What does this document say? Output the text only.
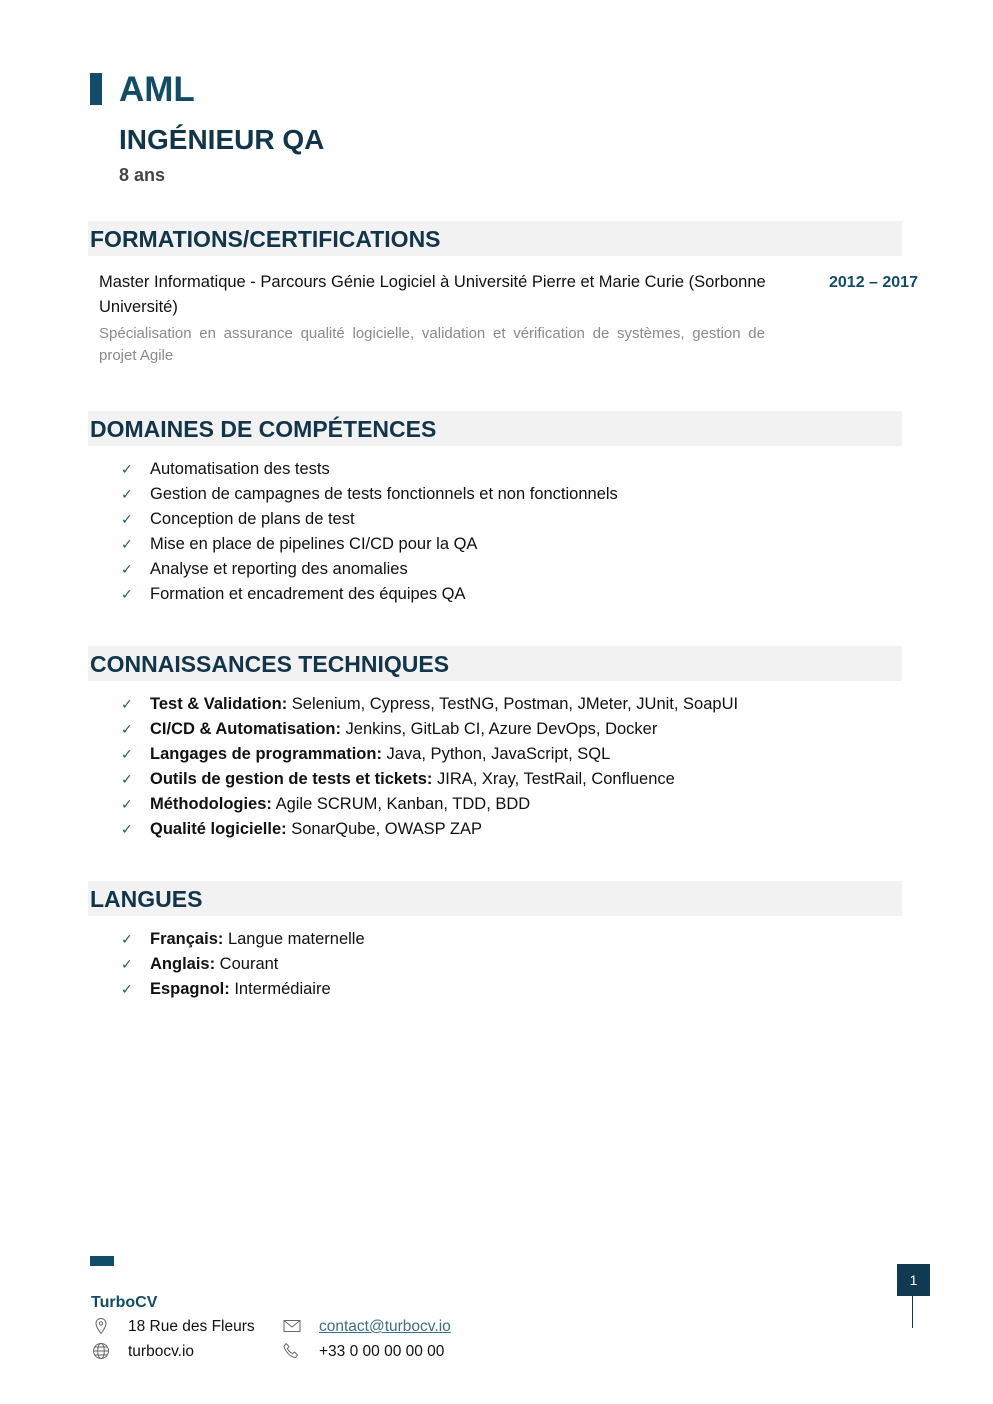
AML
INGÉNIEUR QA
8 ans
FORMATIONS/CERTIFICATIONS
Master Informatique - Parcours Génie Logiciel à Université Pierre et Marie Curie (Sorbonne Université)
2012 – 2017
Spécialisation en assurance qualité logicielle, validation et vérification de systèmes, gestion de projet Agile
DOMAINES DE COMPÉTENCES
✓ Automatisation des tests
✓ Gestion de campagnes de tests fonctionnels et non fonctionnels
✓ Conception de plans de test
✓ Mise en place de pipelines CI/CD pour la QA
✓ Analyse et reporting des anomalies
✓ Formation et encadrement des équipes QA
CONNAISSANCES TECHNIQUES
✓ Test & Validation: Selenium, Cypress, TestNG, Postman, JMeter, JUnit, SoapUI
✓ CI/CD & Automatisation: Jenkins, GitLab CI, Azure DevOps, Docker
✓ Langages de programmation: Java, Python, JavaScript, SQL
✓ Outils de gestion de tests et tickets: JIRA, Xray, TestRail, Confluence
✓ Méthodologies: Agile SCRUM, Kanban, TDD, BDD
✓ Qualité logicielle: SonarQube, OWASP ZAP
LANGUES
✓ Français: Langue maternelle
✓ Anglais: Courant
✓ Espagnol: Intermédiaire
TurboCV
18 Rue des Fleurs
turbocv.io
contact@turbocv.io
+33 0 00 00 00 00
1
